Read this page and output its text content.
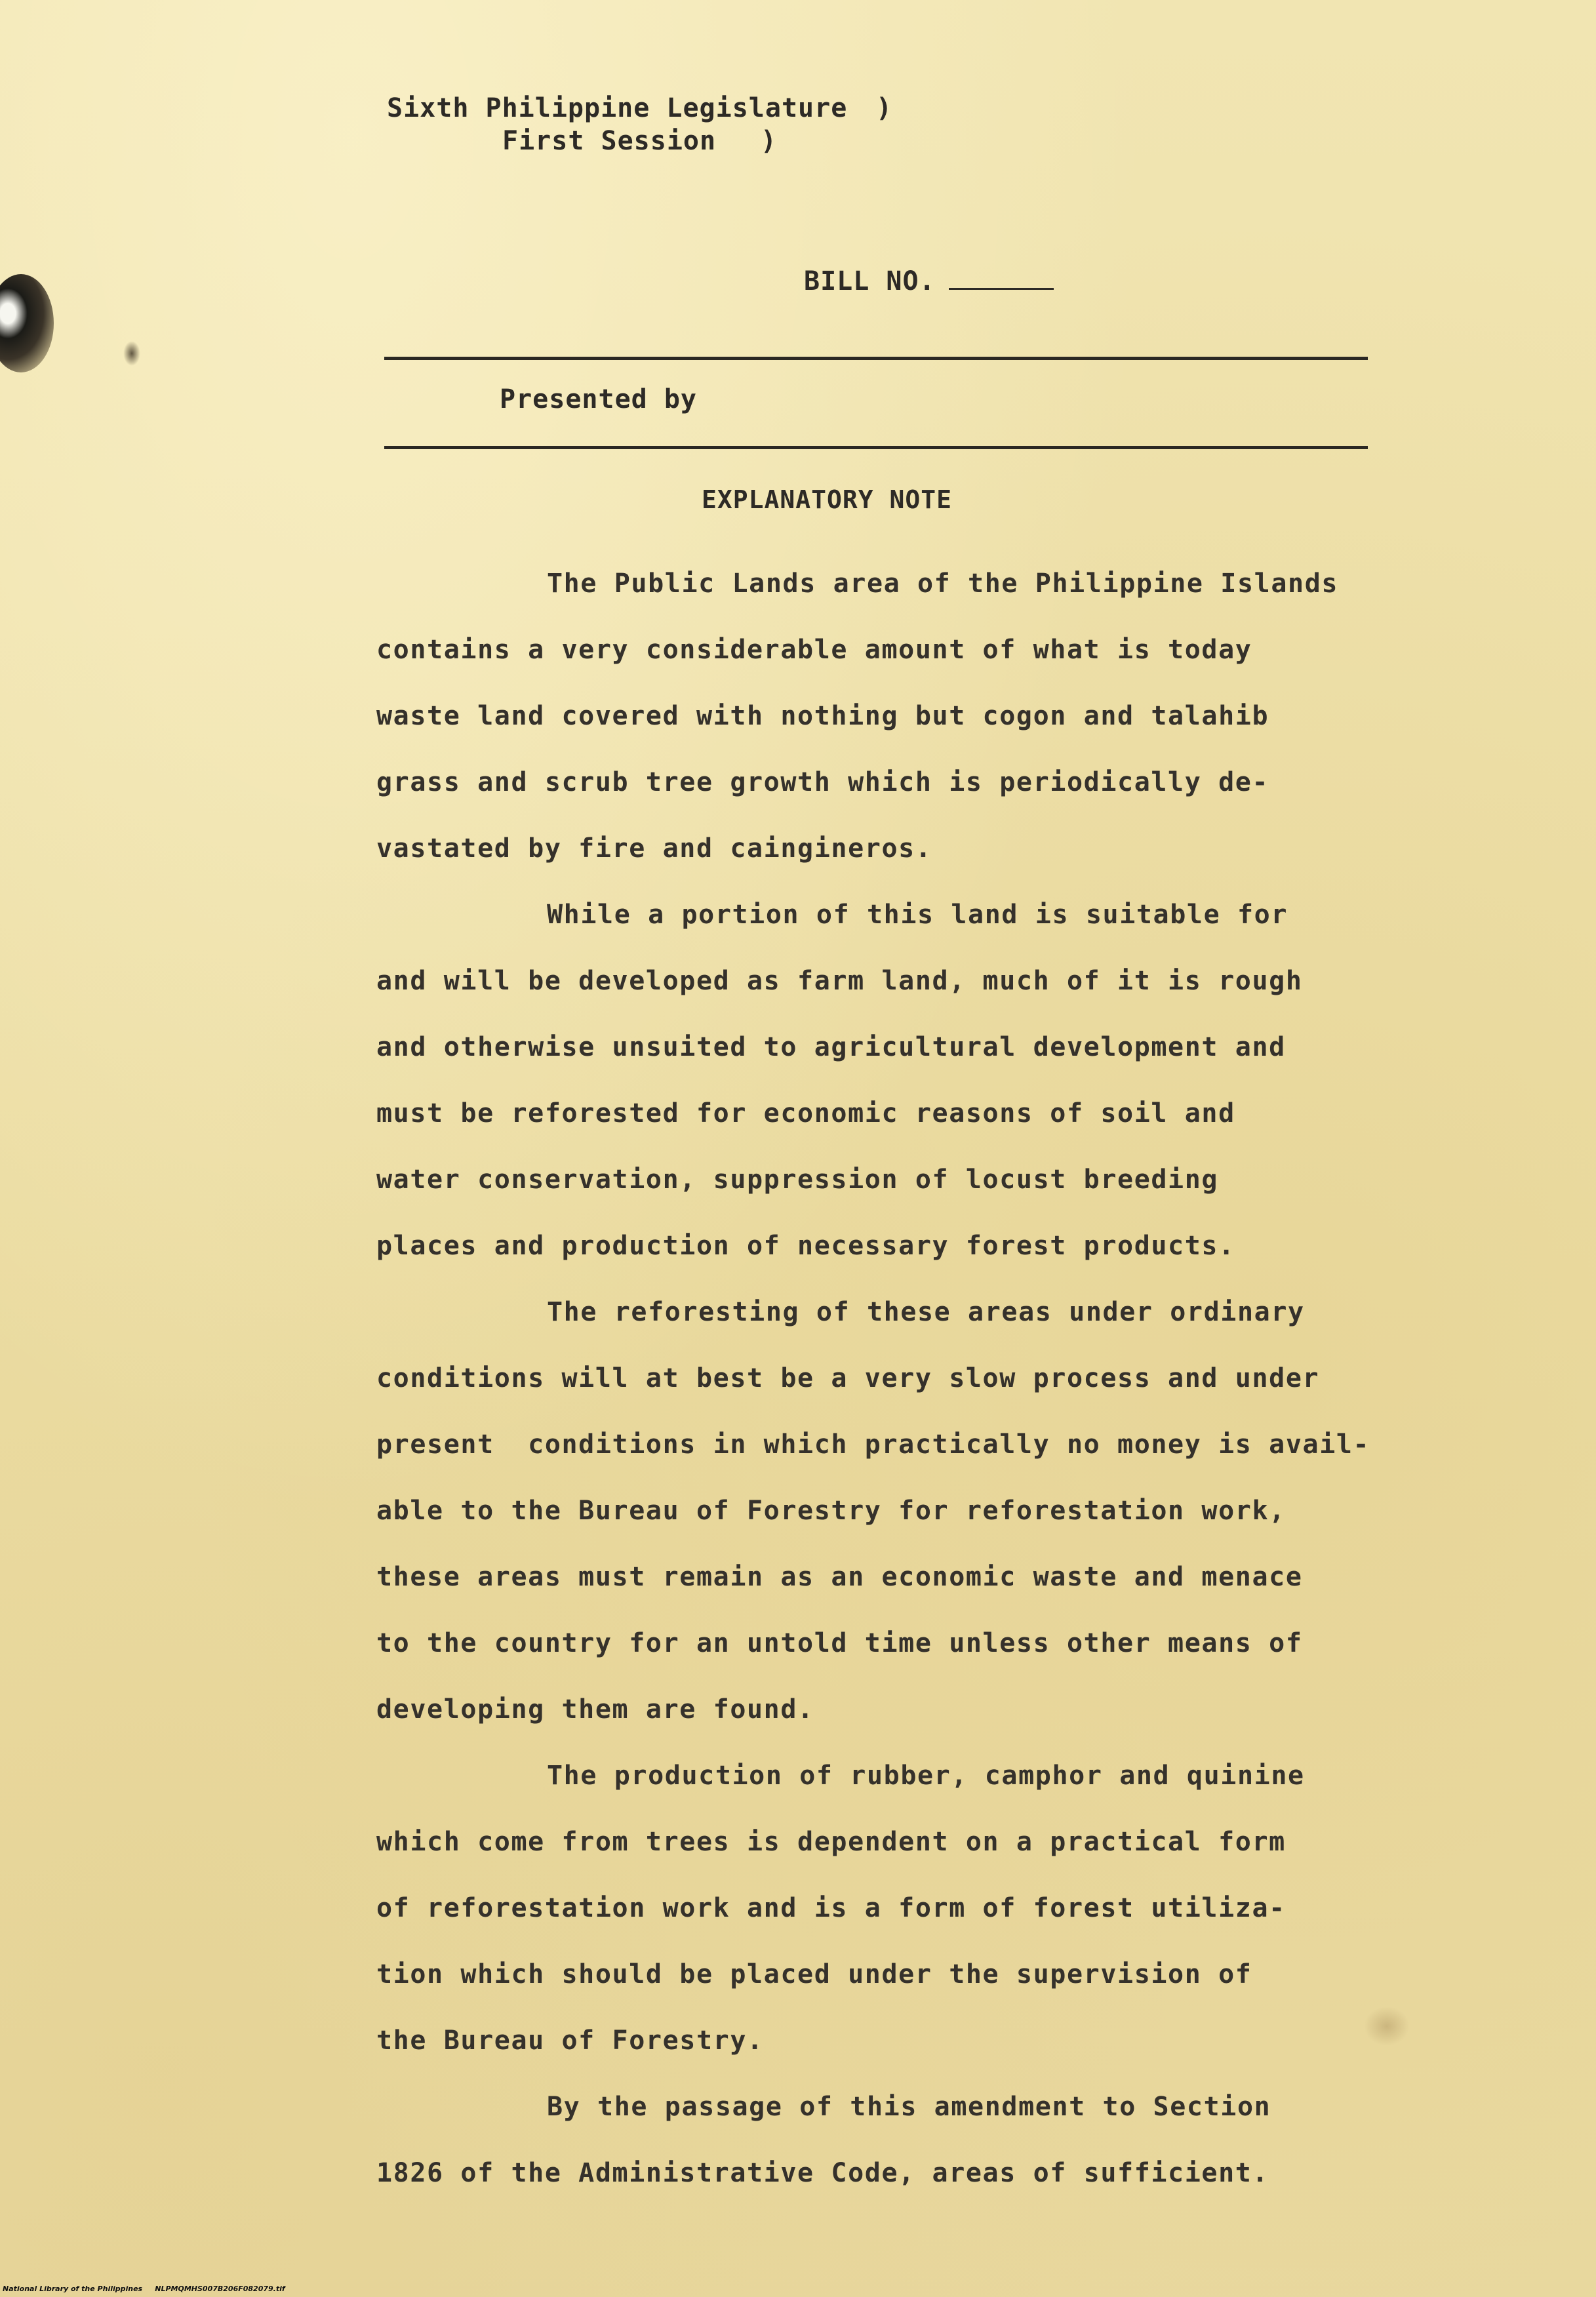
Sixth Philippine Legislature )
First Session )
BILL NO.
Presented by
EXPLANATORY NOTE
The Public Lands area of the Philippine Islands
contains a very considerable amount of what is today
waste land covered with nothing but cogon and talahib
grass and scrub tree growth which is periodically de-
vastated by fire and caingineros.
While a portion of this land is suitable for
and will be developed as farm land, much of it is rough
and otherwise unsuited to agricultural development and
must be reforested for economic reasons of soil and
water conservation, suppression of locust breeding
places and production of necessary forest products.
The reforesting of these areas under ordinary
conditions will at best be a very slow process and under
present  conditions in which practically no money is avail-
able to the Bureau of Forestry for reforestation work,
these areas must remain as an economic waste and menace
to the country for an untold time unless other means of
developing them are found.
The production of rubber, camphor and quinine
which come from trees is dependent on a practical form
of reforestation work and is a form of forest utiliza-
tion which should be placed under the supervision of
the Bureau of Forestry.
By the passage of this amendment to Section
1826 of the Administrative Code, areas of sufficient.
National Library of the Philippines NLPMQMHS007B206F082079.tif
